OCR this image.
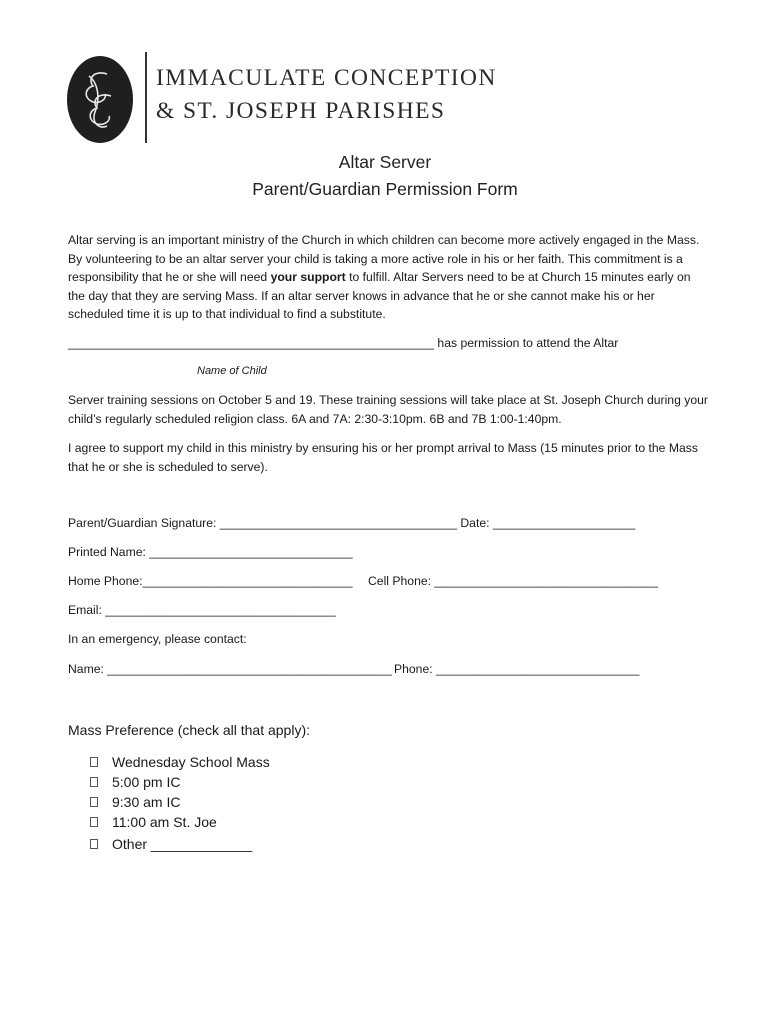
IMMACULATE CONCEPTION
& ST. JOSEPH PARISHES
Altar Server
Parent/Guardian Permission Form
Altar serving is an important ministry of the Church in which children can become more actively engaged in the Mass. By volunteering to be an altar server your child is taking a more active role in his or her faith. This commitment is a responsibility that he or she will need your support to fulfill. Altar Servers need to be at Church 15 minutes early on the day that they are serving Mass. If an altar server knows in advance that he or she cannot make his or her scheduled time it is up to that individual to find a substitute.
______________________________________________________ has permission to attend the Altar
Name of Child
Server training sessions on October 5 and 19. These training sessions will take place at St. Joseph Church during your child’s regularly scheduled religion class. 6A and 7A: 2:30-3:10pm. 6B and 7B 1:00-1:40pm.
I agree to support my child in this ministry by ensuring his or her prompt arrival to Mass (15 minutes prior to the Mass that he or she is scheduled to serve).
Parent/Guardian Signature: ___________________________________ Date: _____________________
Printed Name: ______________________________
Home Phone:_______________________________ Cell Phone: _________________________________
Email: __________________________________
In an emergency, please contact:
Name: __________________________________________ Phone: ______________________________
Mass Preference (check all that apply):
Wednesday School Mass
5:00 pm IC
9:30 am IC
11:00 am St. Joe
Other _____________
